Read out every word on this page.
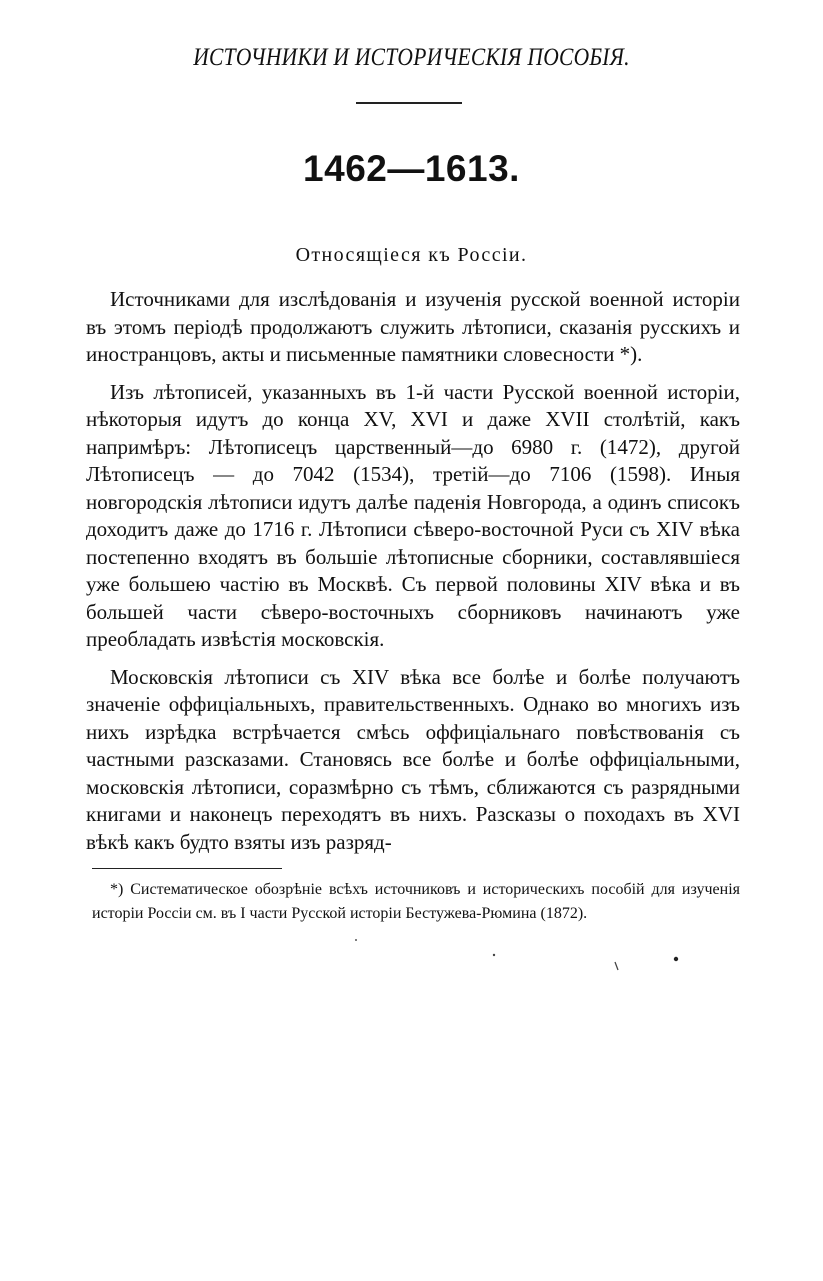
ИСТОЧНИКИ И ИСТОРИЧЕСКІЯ ПОСОБІЯ.
1462—1613.
Относящіеся къ Россіи.

Источниками для изслѣдованія и изученія русской военной исторіи въ этомъ періодѣ продолжаютъ служить лѣтописи, сказанія русскихъ и иностранцовъ, акты и письменные памятники словесности *).

Изъ лѣтописей, указанныхъ въ 1-й части Русской военной исторіи, нѣкоторыя идутъ до конца XV, XVI и даже XVII столѣтій, какъ напримѣръ: Лѣтописецъ царственный—до 6980 г. (1472), другой Лѣтописецъ — до 7042 (1534), третій—до 7106 (1598). Иныя новгородскія лѣтописи идутъ далѣе паденія Новгорода, а одинъ списокъ доходитъ даже до 1716 г. Лѣтописи сѣверо-восточной Руси съ XIV вѣка постепенно входятъ въ большіе лѣтописные сборники, составлявшіеся уже большею частію въ Москвѣ. Съ первой половины XIV вѣка и въ большей части сѣверо-восточныхъ сборниковъ начинаютъ уже преобладать извѣстія московскія.

Московскія лѣтописи съ XIV вѣка все болѣе и болѣе получаютъ значеніе оффиціальныхъ, правительственныхъ. Однако во многихъ изъ нихъ изрѣдка встрѣчается смѣсь оффиціальнаго повѣствованія съ частными разсказами. Становясь все болѣе и болѣе оффиціальными, московскія лѣтописи, соразмѣрно съ тѣмъ, сближаются съ разрядными книгами и наконецъ переходятъ въ нихъ. Разсказы о походахъ въ XVI вѣкѣ какъ будто взяты изъ разряд-

*) Систематическое обозрѣніе всѣхъ источниковъ и историческихъ пособій для изученія исторіи Россіи см. въ I части Русской исторіи Бестужева-Рюмина (1872).
